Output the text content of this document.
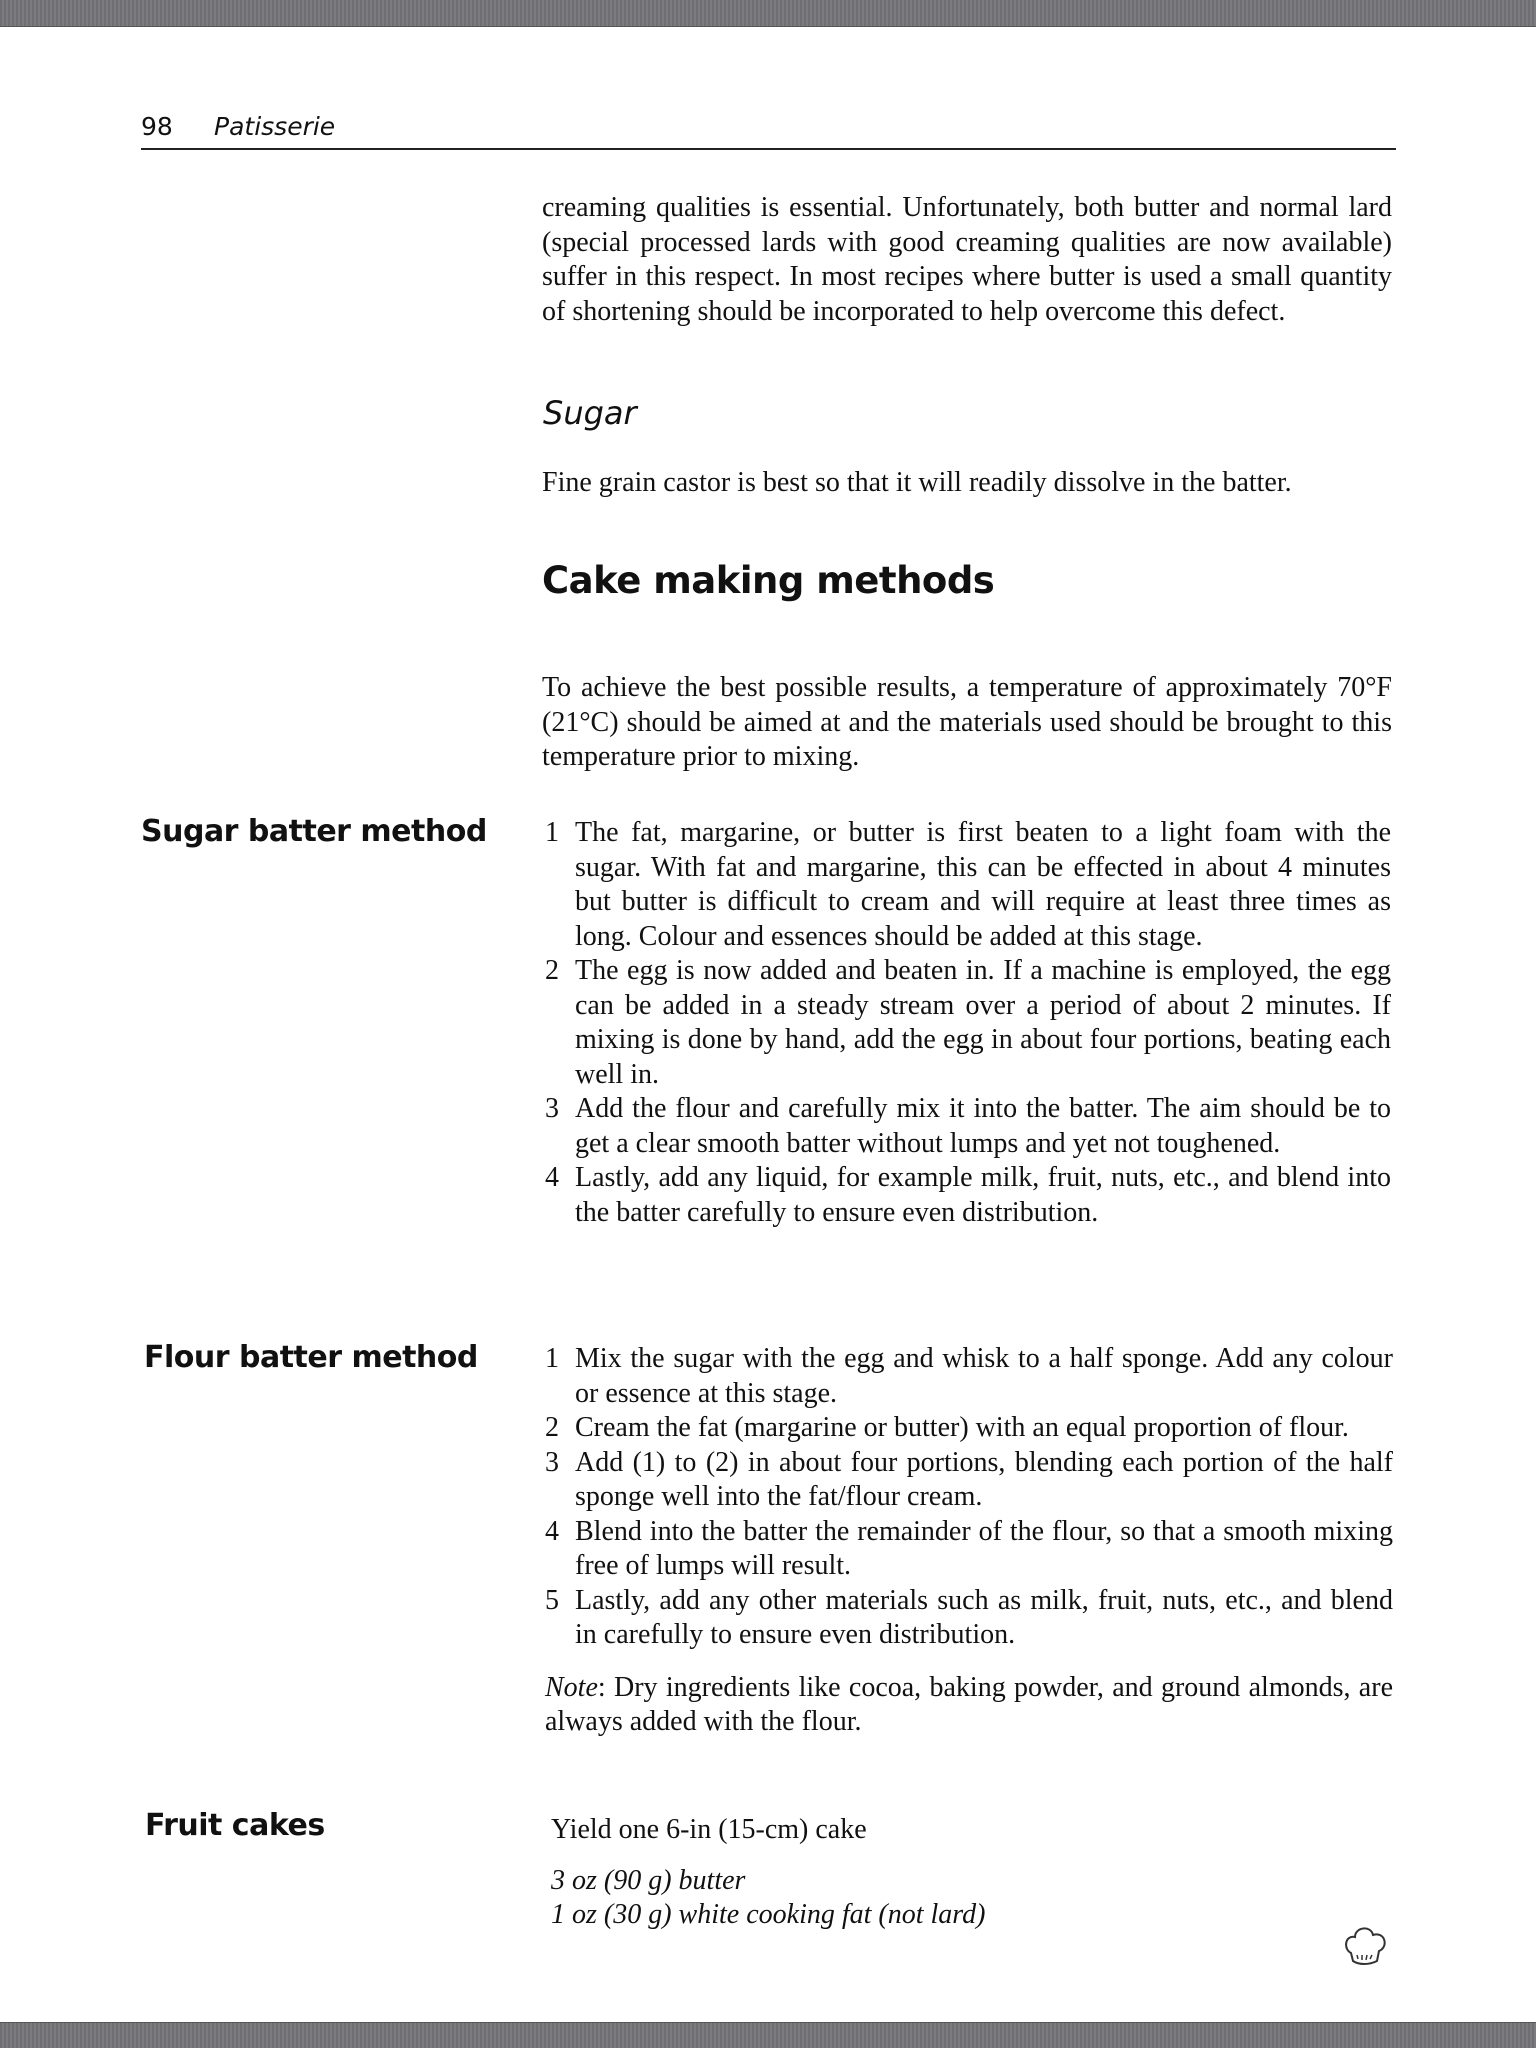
98 Patisserie

creaming qualities is essential. Unfortunately, both butter and normal lard (special processed lards with good creaming qualities are now available) suffer in this respect. In most recipes where butter is used a small quantity of shortening should be incorporated to help overcome this defect.

Sugar

Fine grain castor is best so that it will readily dissolve in the batter.

Cake making methods

To achieve the best possible results, a temperature of approximately 70°F (21°C) should be aimed at and the materials used should be brought to this temperature prior to mixing.

Sugar batter method 1 The fat, margarine, or butter is first beaten to a light foam with the sugar. With fat and margarine, this can be effected in about 4 minutes but butter is difficult to cream and will require at least three times as long. Colour and essences should be added at this stage.
2 The egg is now added and beaten in. If a machine is employed, the egg can be added in a steady stream over a period of about 2 minutes. If mixing is done by hand, add the egg in about four portions, beating each well in.
3 Add the flour and carefully mix it into the batter. The aim should be to get a clear smooth batter without lumps and yet not toughened.
4 Lastly, add any liquid, for example milk, fruit, nuts, etc., and blend into the batter carefully to ensure even distribution.
Flour batter method 1 Mix the sugar with the egg and whisk to a half sponge. Add any colour or essence at this stage.
2 Cream the fat (margarine or butter) with an equal proportion of flour.
3 Add (1) to (2) in about four portions, blending each portion of the half sponge well into the fat/flour cream.
4 Blend into the batter the remainder of the flour, so that a smooth mixing free of lumps will result.
5 Lastly, add any other materials such as milk, fruit, nuts, etc., and blend in carefully to ensure even distribution.

Note: Dry ingredients like cocoa, baking powder, and ground almonds, are always added with the flour.

Fruit cakes	Yield one 6-in (15-cm) cake

3 oz (90 g) butter
1 oz (30 g) white cooking fat (not lard)
